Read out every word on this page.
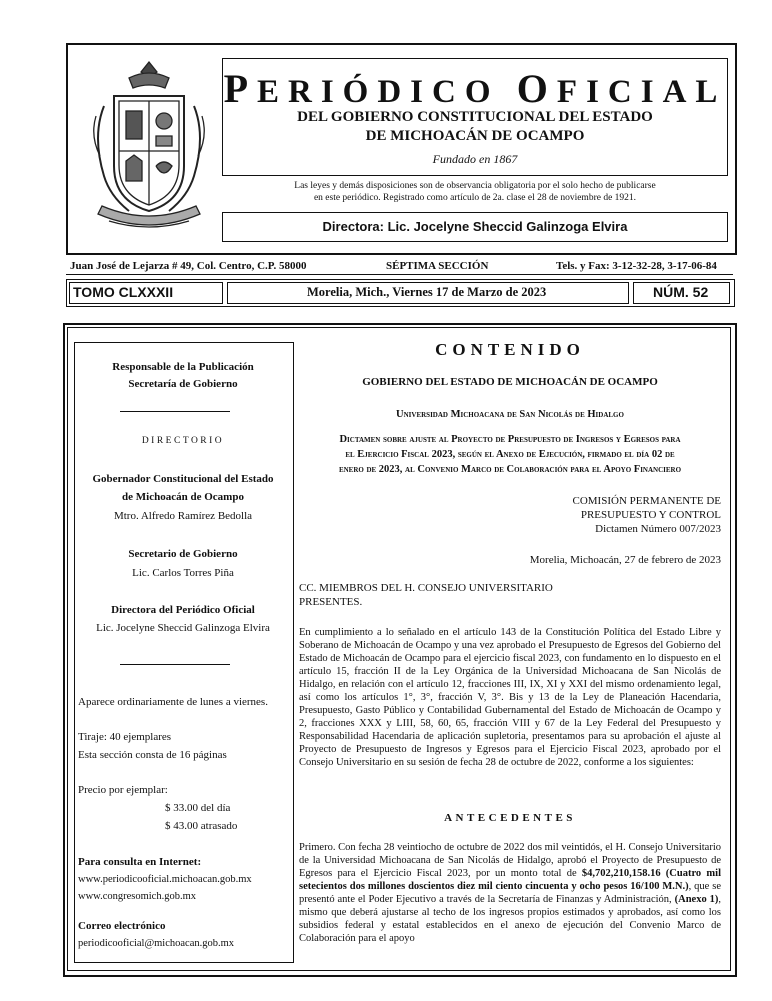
PERIÓDICO OFICIAL
DEL GOBIERNO CONSTITUCIONAL DEL ESTADO
DE MICHOACÁN DE OCAMPO
Fundado en 1867
Las leyes y demás disposiciones son de observancia obligatoria por el solo hecho de publicarse
en este periódico. Registrado como artículo de 2a. clase el 28 de noviembre de 1921.
Directora: Lic. Jocelyne Sheccid Galinzoga Elvira
Juan José de Lejarza # 49, Col. Centro, C.P. 58000	SÉPTIMA SECCIÓN	Tels. y Fax: 3-12-32-28, 3-17-06-84
TOMO CLXXXII	Morelia, Mich., Viernes 17 de Marzo de 2023	NÚM. 52
Responsable de la Publicación
Secretaría de Gobierno
DIRECTORIO
Gobernador Constitucional del Estado
de Michoacán de Ocampo
Mtro. Alfredo Ramírez Bedolla
Secretario de Gobierno
Lic. Carlos Torres Piña
Directora del Periódico Oficial
Lic. Jocelyne Sheccid Galinzoga Elvira
Aparece ordinariamente de lunes a viernes.
Tiraje: 40 ejemplares
Esta sección consta de 16 páginas
Precio por ejemplar:
$ 33.00 del día
$ 43.00 atrasado
Para consulta en Internet:
www.periodicooficial.michoacan.gob.mx
www.congresomich.gob.mx
Correo electrónico
periodicooficial@michoacan.gob.mx
CONTENIDO
GOBIERNO DEL ESTADO DE MICHOACÁN DE OCAMPO
Universidad Michoacana de San Nicolás de Hidalgo
Dictamen sobre ajuste al Proyecto de Presupuesto de Ingresos y Egresos para
el Ejercicio Fiscal 2023, según el Anexo de Ejecución, firmado el día 02 de
enero de 2023, al Convenio Marco de Colaboración para el Apoyo Financiero
COMISIÓN PERMANENTE DE
PRESUPUESTO Y CONTROL
Dictamen Número 007/2023
Morelia, Michoacán, 27 de febrero de 2023
CC. MIEMBROS DEL H. CONSEJO UNIVERSITARIO
PRESENTES.
En cumplimiento a lo señalado en el artículo 143 de la Constitución Política del Estado Libre y Soberano de Michoacán de Ocampo y una vez aprobado el Presupuesto de Egresos del Gobierno del Estado de Michoacán de Ocampo para el ejercicio fiscal 2023, con fundamento en lo dispuesto en el artículo 15, fracción II de la Ley Orgánica de la Universidad Michoacana de San Nicolás de Hidalgo, en relación con el artículo 12, fracciones III, IX, XI y XXI del mismo ordenamiento legal, así como los artículos 1°, 3°, fracción V, 3°. Bis y 13 de la Ley de Planeación Hacendaria, Presupuesto, Gasto Público y Contabilidad Gubernamental del Estado de Michoacán de Ocampo y 2, fracciones XXX y LIII, 58, 60, 65, fracción VIII y 67 de la Ley Federal del Presupuesto y Responsabilidad Hacendaria de aplicación supletoria, presentamos para su aprobación el ajuste al Proyecto de Presupuesto de Ingresos y Egresos para el Ejercicio Fiscal 2023, aprobado por el Consejo Universitario en su sesión de fecha 28 de octubre de 2022, conforme a los siguientes:
ANTECEDENTES
Primero. Con fecha 28 veintiocho de octubre de 2022 dos mil veintidós, el H. Consejo Universitario de la Universidad Michoacana de San Nicolás de Hidalgo, aprobó el Proyecto de Presupuesto de Egresos para el Ejercicio Fiscal 2023, por un monto total de $4,702,210,158.16 (Cuatro mil setecientos dos millones doscientos diez mil ciento cincuenta y ocho pesos 16/100 M.N.), que se presentó ante el Poder Ejecutivo a través de la Secretaría de Finanzas y Administración, (Anexo 1), mismo que deberá ajustarse al techo de los ingresos propios estimados y aprobados, así como los subsidios federal y estatal establecidos en el anexo de ejecución del Convenio Marco de Colaboración para el apoyo
